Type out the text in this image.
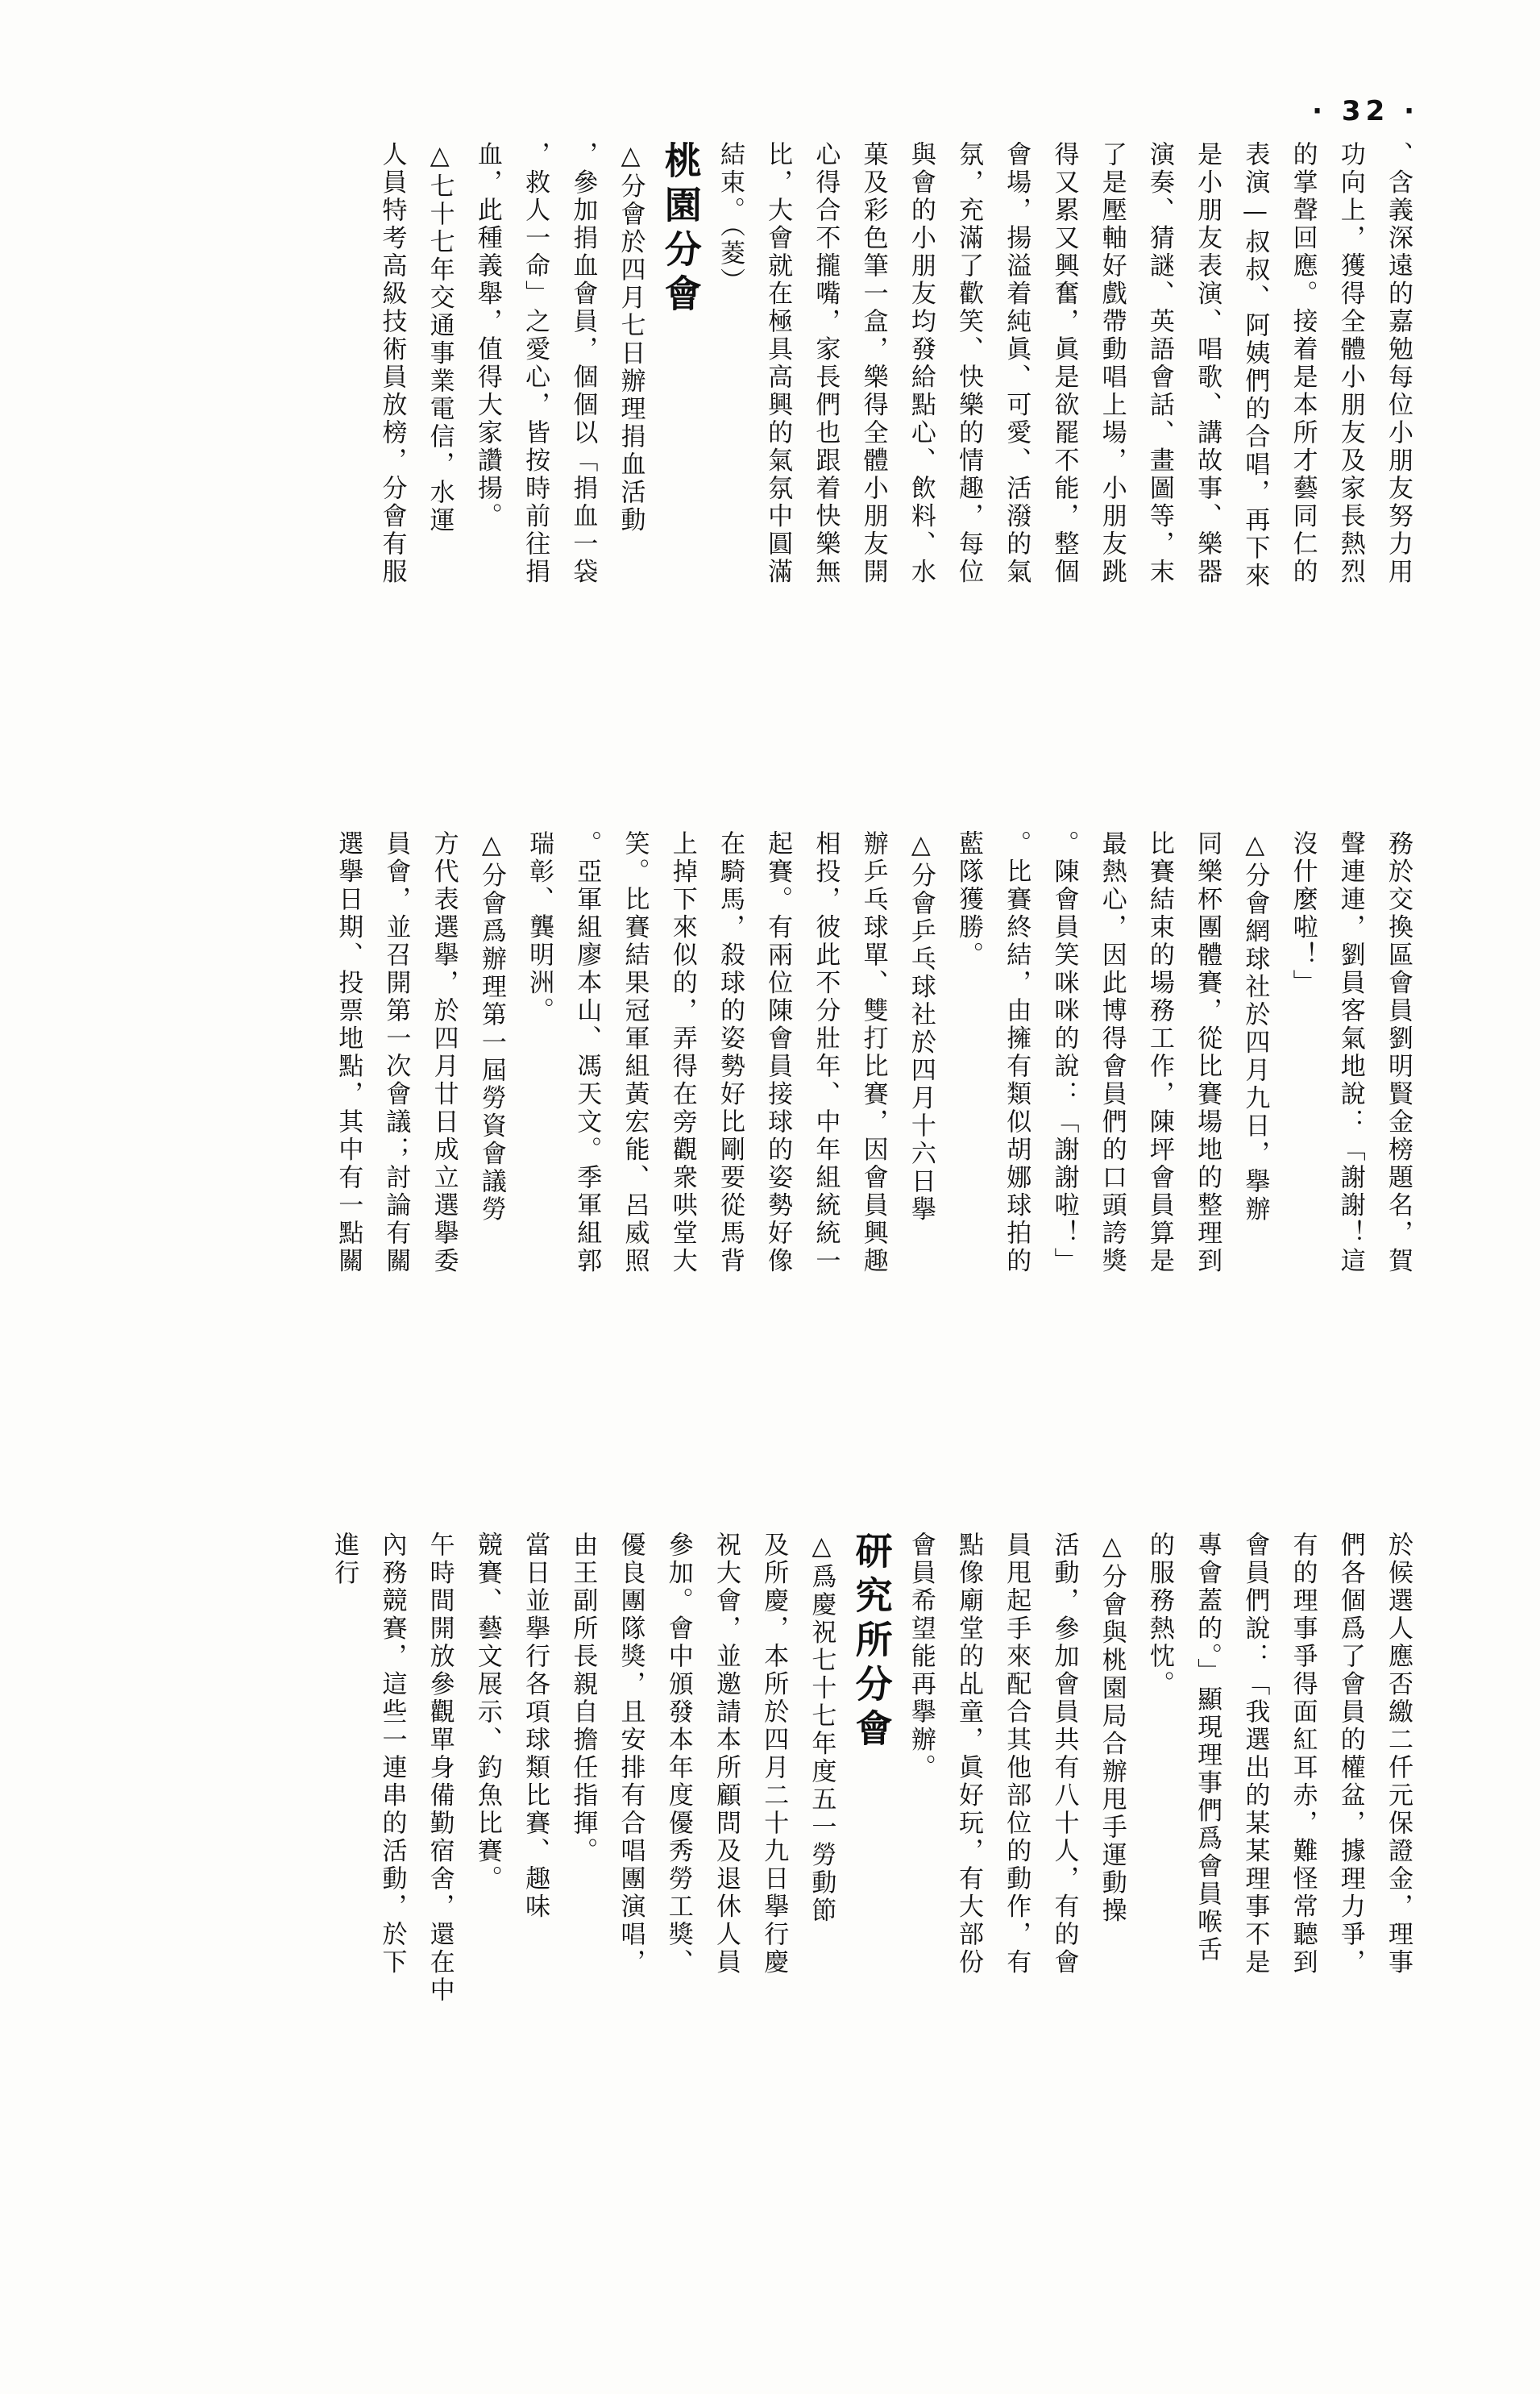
· 32 ·
、含義深遠的嘉勉每位小朋友努力用
功向上，獲得全體小朋友及家長熱烈
的掌聲回應。接着是本所才藝同仁的
表演—叔叔、阿姨們的合唱，再下來
是小朋友表演、唱歌、講故事、樂器
演奏、猜謎、英語會話、畫圖等，末
了是壓軸好戲帶動唱上場，小朋友跳
得又累又興奮，眞是欲罷不能，整個
會場，揚溢着純眞、可愛、活潑的氣
氛，充滿了歡笑、快樂的情趣，每位
與會的小朋友均發給點心、飲料、水
菓及彩色筆一盒，樂得全體小朋友開
心得合不攏嘴，家長們也跟着快樂無
比，大會就在極具高興的氣氛中圓滿
結束。（菱）
桃園分會
△分會於四月七日辦理捐血活動
，參加捐血會員，個個以「捐血一袋
，救人一命」之愛心，皆按時前往捐
血，此種義舉，值得大家讚揚。
△七十七年交通事業電信，水運
人員特考高級技術員放榜，分會有服
務於交換區會員劉明賢金榜題名，賀
聲連連，劉員客氣地說：「謝謝！這
沒什麼啦！」
△分會網球社於四月九日，擧辦
同樂杯團體賽，從比賽場地的整理到
比賽結束的場務工作，陳坪會員算是
最熱心，因此博得會員們的口頭誇獎
。陳會員笑咪咪的說：「謝謝啦！」
。比賽終結，由擁有類似胡娜球拍的
藍隊獲勝。
△分會乒乓球社於四月十六日擧
辦乒乓球單、雙打比賽，因會員興趣
相投，彼此不分壯年、中年組統統一
起賽。有兩位陳會員接球的姿勢好像
在騎馬，殺球的姿勢好比剛要從馬背
上掉下來似的，弄得在旁觀衆哄堂大
笑。比賽結果冠軍組黃宏能、呂威照
。亞軍組廖本山、馮天文。季軍組郭
瑞彰、龔明洲。
△分會爲辦理第一屆勞資會議勞
方代表選擧，於四月廿日成立選擧委
員會，並召開第一次會議；討論有關
選擧日期、投票地點，其中有一點關
於候選人應否繳二仟元保證金，理事
們各個爲了會員的權盆，據理力爭，
有的理事爭得面紅耳赤，難怪常聽到
會員們說：「我選出的某某理事不是
專會蓋的。」顯現理事們爲會員喉舌
的服務熱忱。
△分會與桃園局合辦甩手運動操
活動，參加會員共有八十人，有的會
員甩起手來配合其他部位的動作，有
點像廟堂的乩童，眞好玩，有大部份
會員希望能再擧辦。
研究所分會
△爲慶祝七十七年度五一勞動節
及所慶，本所於四月二十九日擧行慶
祝大會，並邀請本所顧問及退休人員
參加。會中頒發本年度優秀勞工獎、
優良團隊獎，且安排有合唱團演唱，
由王副所長親自擔任指揮。
當日並擧行各項球類比賽、趣味
競賽、藝文展示、釣魚比賽。
午時間開放參觀單身備勤宿舍，還在中
內務競賽，這些一連串的活動，於下
進行
